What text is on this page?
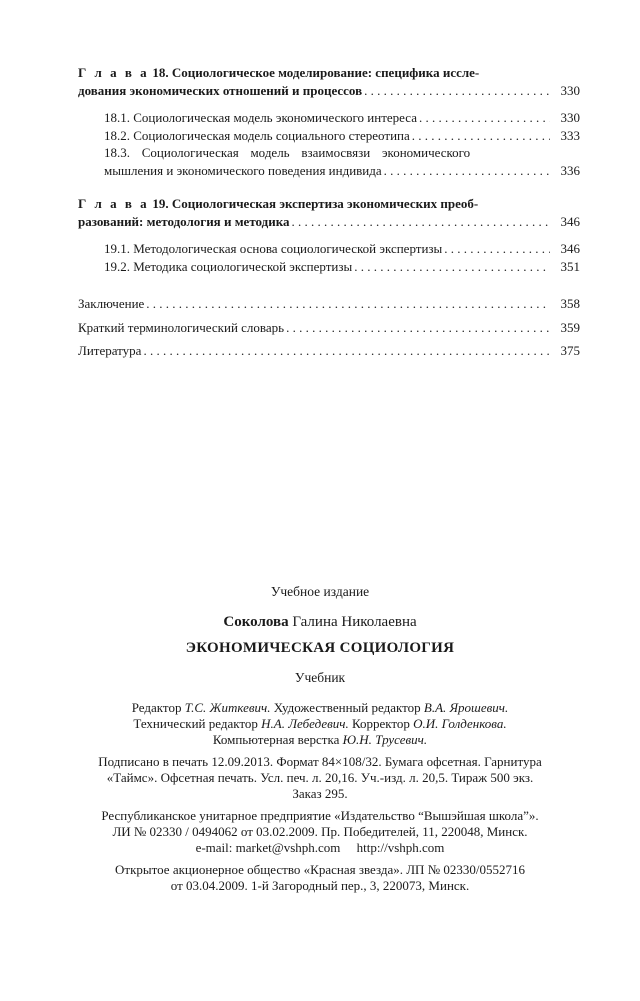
Г л а в а 18. Социологическое моделирование: специфика иссле-
дования экономических отношений и процессов . . .	330
18.1. Социологическая модель экономического интереса . . .	330
18.2. Социологическая модель социального стереотипа . . .	333
18.3. Социологическая модель взаимосвязи экономического
мышления и экономического поведения индивида . . .	336
Г л а в а 19. Социологическая экспертиза экономических преоб-
разований: методология и методика . . .	346
19.1. Методологическая основа социологической экспертизы . . .	346
19.2. Методика социологической экспертизы . . .	351
Заключение . . .	358
Краткий терминологический словарь . . .	359
Литература . . .	375

Учебное издание

Соколова Галина Николаевна

ЭКОНОМИЧЕСКАЯ СОЦИОЛОГИЯ

Учебник

Редактор Т.С. Житкевич. Художественный редактор В.А. Ярошевич.

Технический редактор Н.А. Лебедевич. Корректор О.И. Голденкова.

Компьютерная верстка Ю.Н. Трусевич.

Подписано в печать 12.09.2013. Формат 84×108/32. Бумага офсетная. Гарнитура

«Таймс». Офсетная печать. Усл. печ. л. 20,16. Уч.-изд. л. 20,5. Тираж 500 экз.

Заказ 295.

Республиканское унитарное предприятие «Издательство “Вышэйшая школа”».

ЛИ № 02330 / 0494062 от 03.02.2009. Пр. Победителей, 11, 220048, Минск.

e-mail: market@vshph.com     http://vshph.com

Открытое акционерное общество «Красная звезда». ЛП № 02330/0552716

от 03.04.2009. 1-й Загородный пер., 3, 220073, Минск.
